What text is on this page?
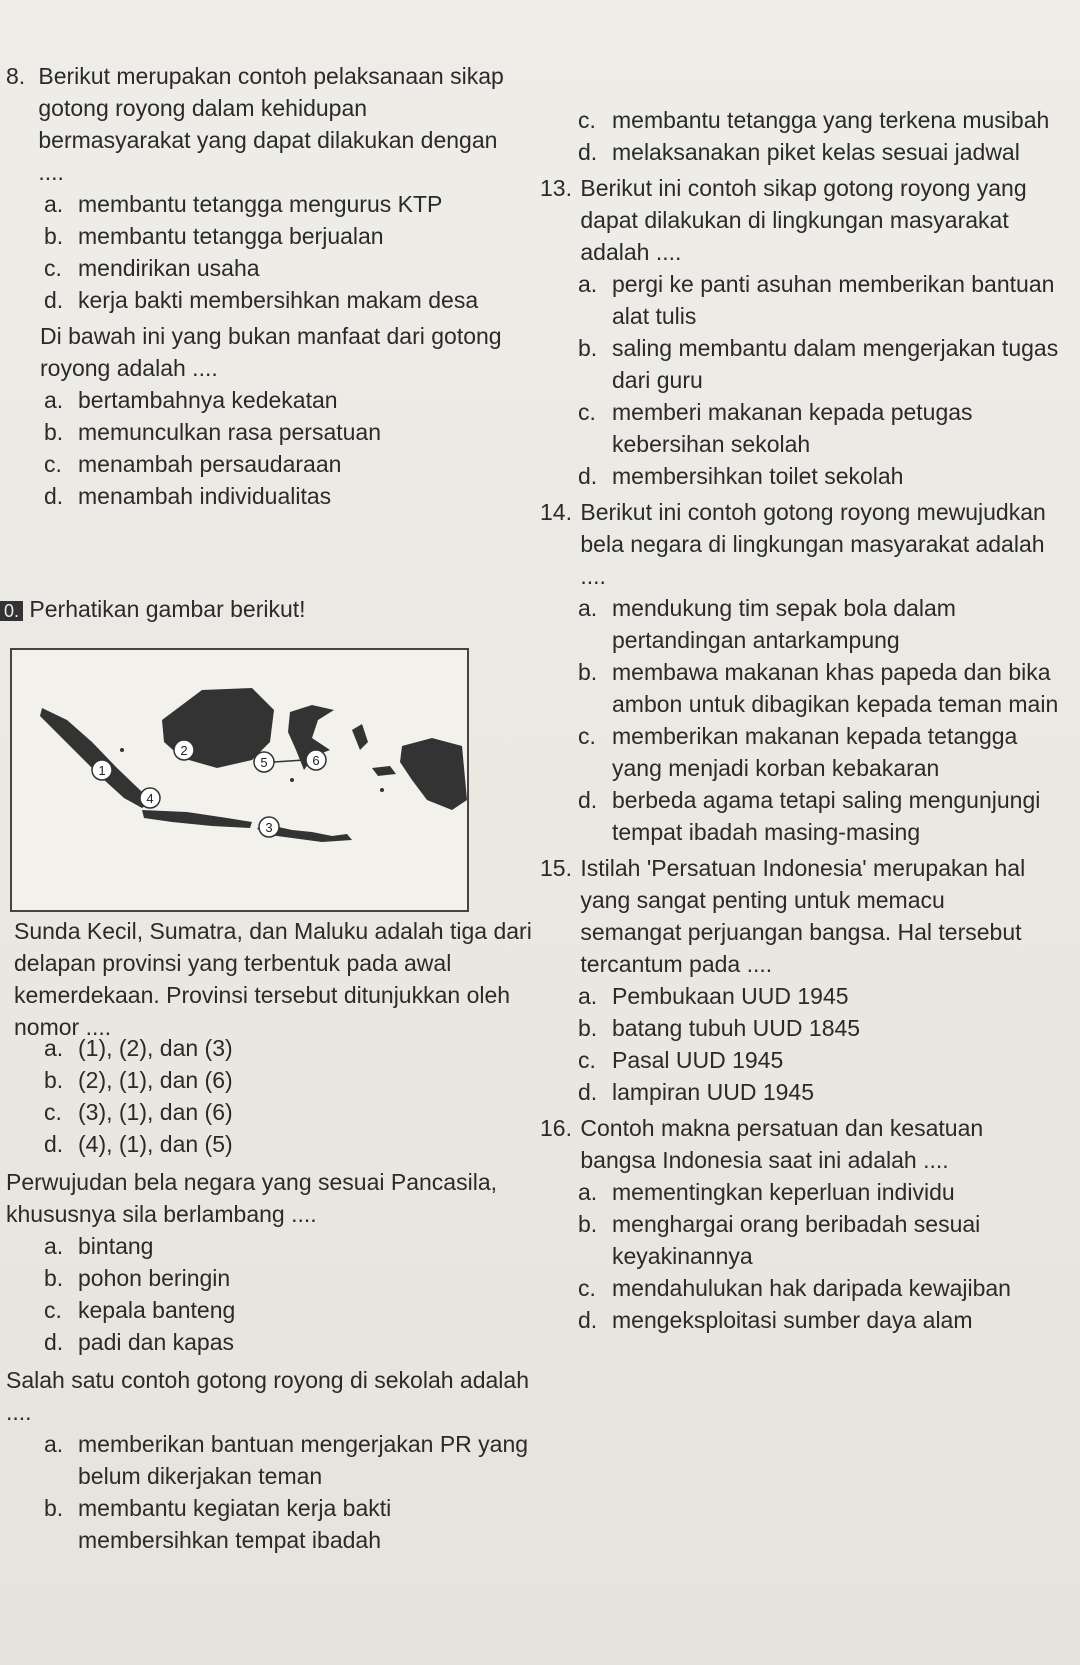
8. Berikut merupakan contoh pelaksanaan sikap gotong royong dalam kehidupan bermasyarakat yang dapat dilakukan dengan ....
a. membantu tetangga mengurus KTP
b. membantu tetangga berjualan
c. mendirikan usaha
d. kerja bakti membersihkan makam desa
Di bawah ini yang bukan manfaat dari gotong royong adalah ....
a. bertambahnya kedekatan
b. memunculkan rasa persatuan
c. menambah persaudaraan
d. menambah individualitas
0. Perhatikan gambar berikut!
1
2
3
4
5	6
Sunda Kecil, Sumatra, dan Maluku adalah tiga dari delapan provinsi yang terbentuk pada awal kemerdekaan. Provinsi tersebut ditunjukkan oleh nomor ....
a. (1), (2), dan (3)
b. (2), (1), dan (6)
c. (3), (1), dan (6)
d. (4), (1), dan (5)
Perwujudan bela negara yang sesuai Pancasila, khususnya sila berlambang ....
a. bintang
b. pohon beringin
c. kepala banteng
d. padi dan kapas
Salah satu contoh gotong royong di sekolah adalah ....
a. memberikan bantuan mengerjakan PR yang belum dikerjakan teman
b. membantu kegiatan kerja bakti membersihkan tempat ibadah
c. membantu tetangga yang terkena musibah
d. melaksanakan piket kelas sesuai jadwal
13. Berikut ini contoh sikap gotong royong yang dapat dilakukan di lingkungan masyarakat adalah ....
a. pergi ke panti asuhan memberikan bantuan alat tulis
b. saling membantu dalam mengerjakan tugas dari guru
c. memberi makanan kepada petugas kebersihan sekolah
d. membersihkan toilet sekolah
14. Berikut ini contoh gotong royong mewujudkan bela negara di lingkungan masyarakat adalah ....
a. mendukung tim sepak bola dalam pertandingan antarkampung
b. membawa makanan khas papeda dan bika ambon untuk dibagikan kepada teman main
c. memberikan makanan kepada tetangga yang menjadi korban kebakaran
d. berbeda agama tetapi saling mengunjungi tempat ibadah masing-masing
15. Istilah 'Persatuan Indonesia' merupakan hal yang sangat penting untuk memacu semangat perjuangan bangsa. Hal tersebut tercantum pada ....
a. Pembukaan UUD 1945
b. batang tubuh UUD 1845
c. Pasal UUD 1945
d. lampiran UUD 1945
16. Contoh makna persatuan dan kesatuan bangsa Indonesia saat ini adalah ....
a. mementingkan keperluan individu
b. menghargai orang beribadah sesuai keyakinannya
c. mendahulukan hak daripada kewajiban
d. mengeksploitasi sumber daya alam
